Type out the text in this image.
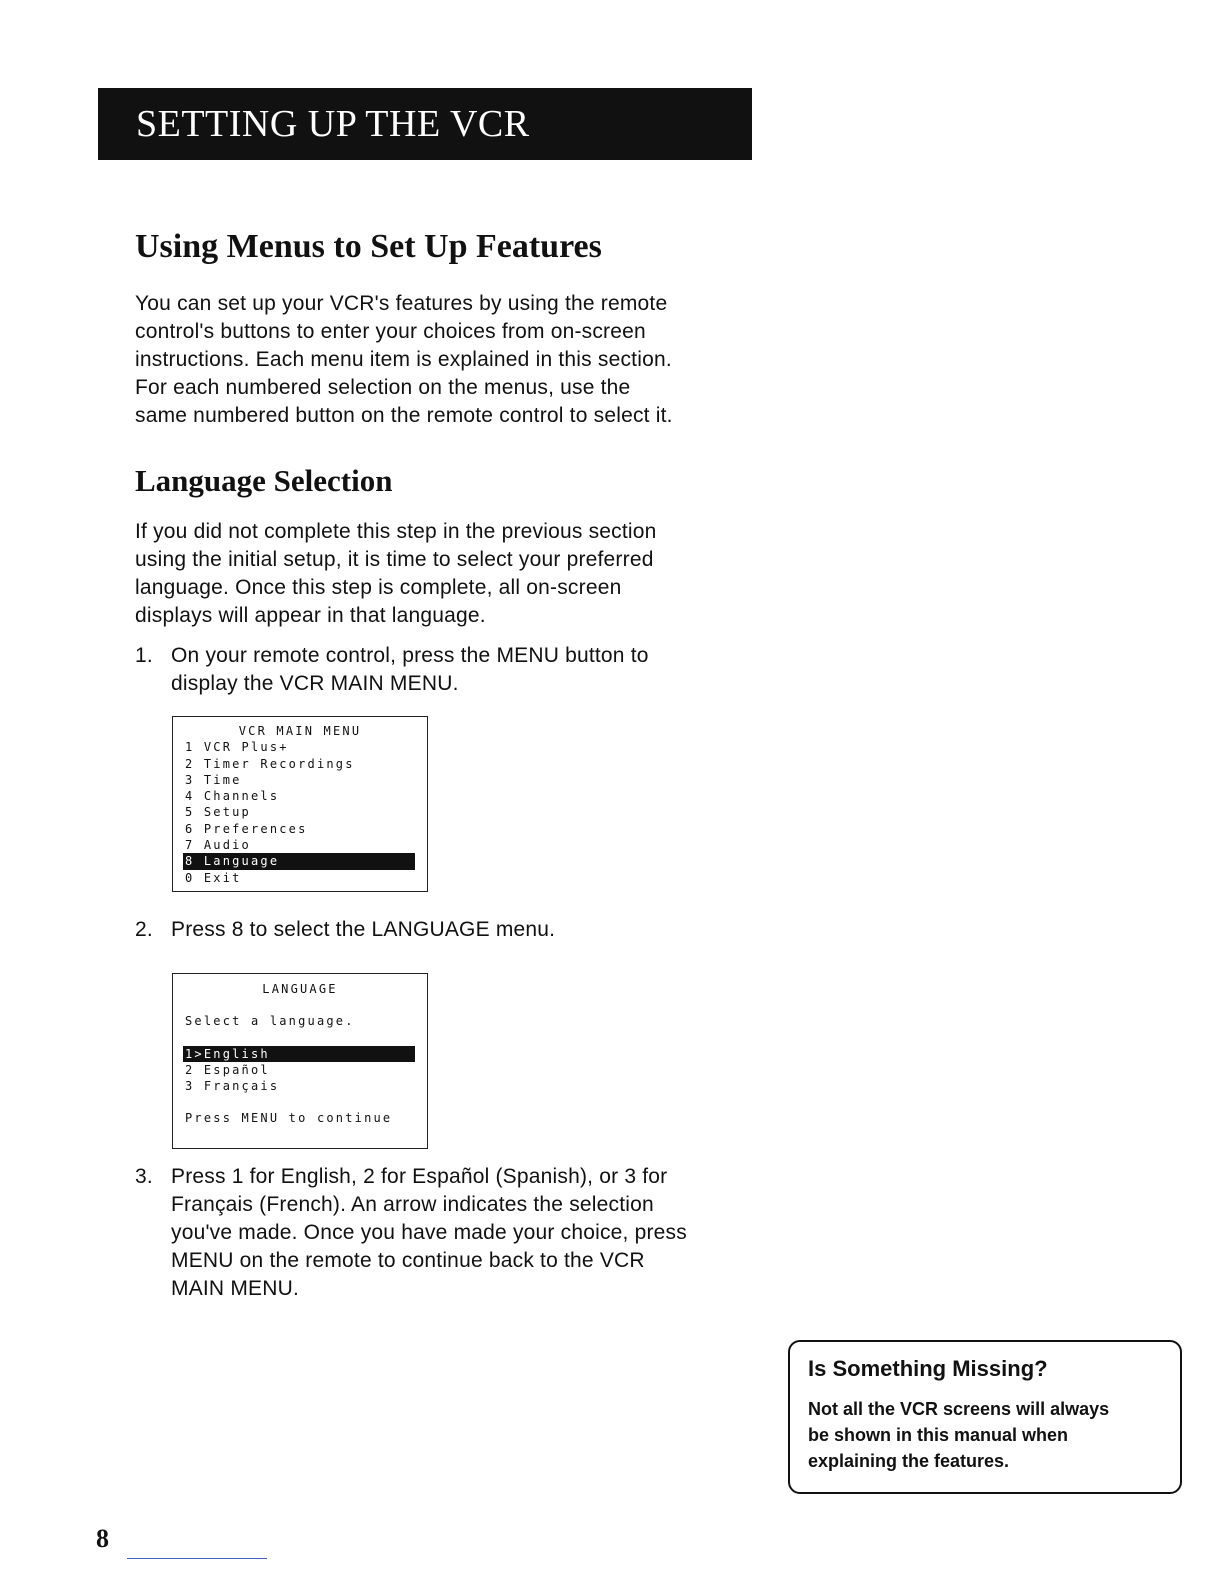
SETTING UP THE VCR
Using Menus to Set Up Features

You can set up your VCR's features by using the remote
control's buttons to enter your choices from on-screen
instructions. Each menu item is explained in this section.
For each numbered selection on the menus, use the
same numbered button on the remote control to select it.

Language Selection

If you did not complete this step in the previous section
using the initial setup, it is time to select your preferred
language. Once this step is complete, all on-screen
displays will appear in that language.

1. On your remote control, press the MENU button to
display the VCR MAIN MENU.
VCR MAIN MENU
1 VCR Plus+
2 Timer Recordings
3 Time
4 Channels
5 Setup
6 Preferences
7 Audio
8 Language
0 Exit
2. Press 8 to select the LANGUAGE menu.
LANGUAGE
Select a language.
1>English
2 Español
3 Français
Press MENU to continue
3. Press 1 for English, 2 for Español (Spanish), or 3 for
Français (French). An arrow indicates the selection
you've made. Once you have made your choice, press
MENU on the remote to continue back to the VCR
MAIN MENU.

Is Something Missing?

Not all the VCR screens will always
be shown in this manual when
explaining the features.

8
